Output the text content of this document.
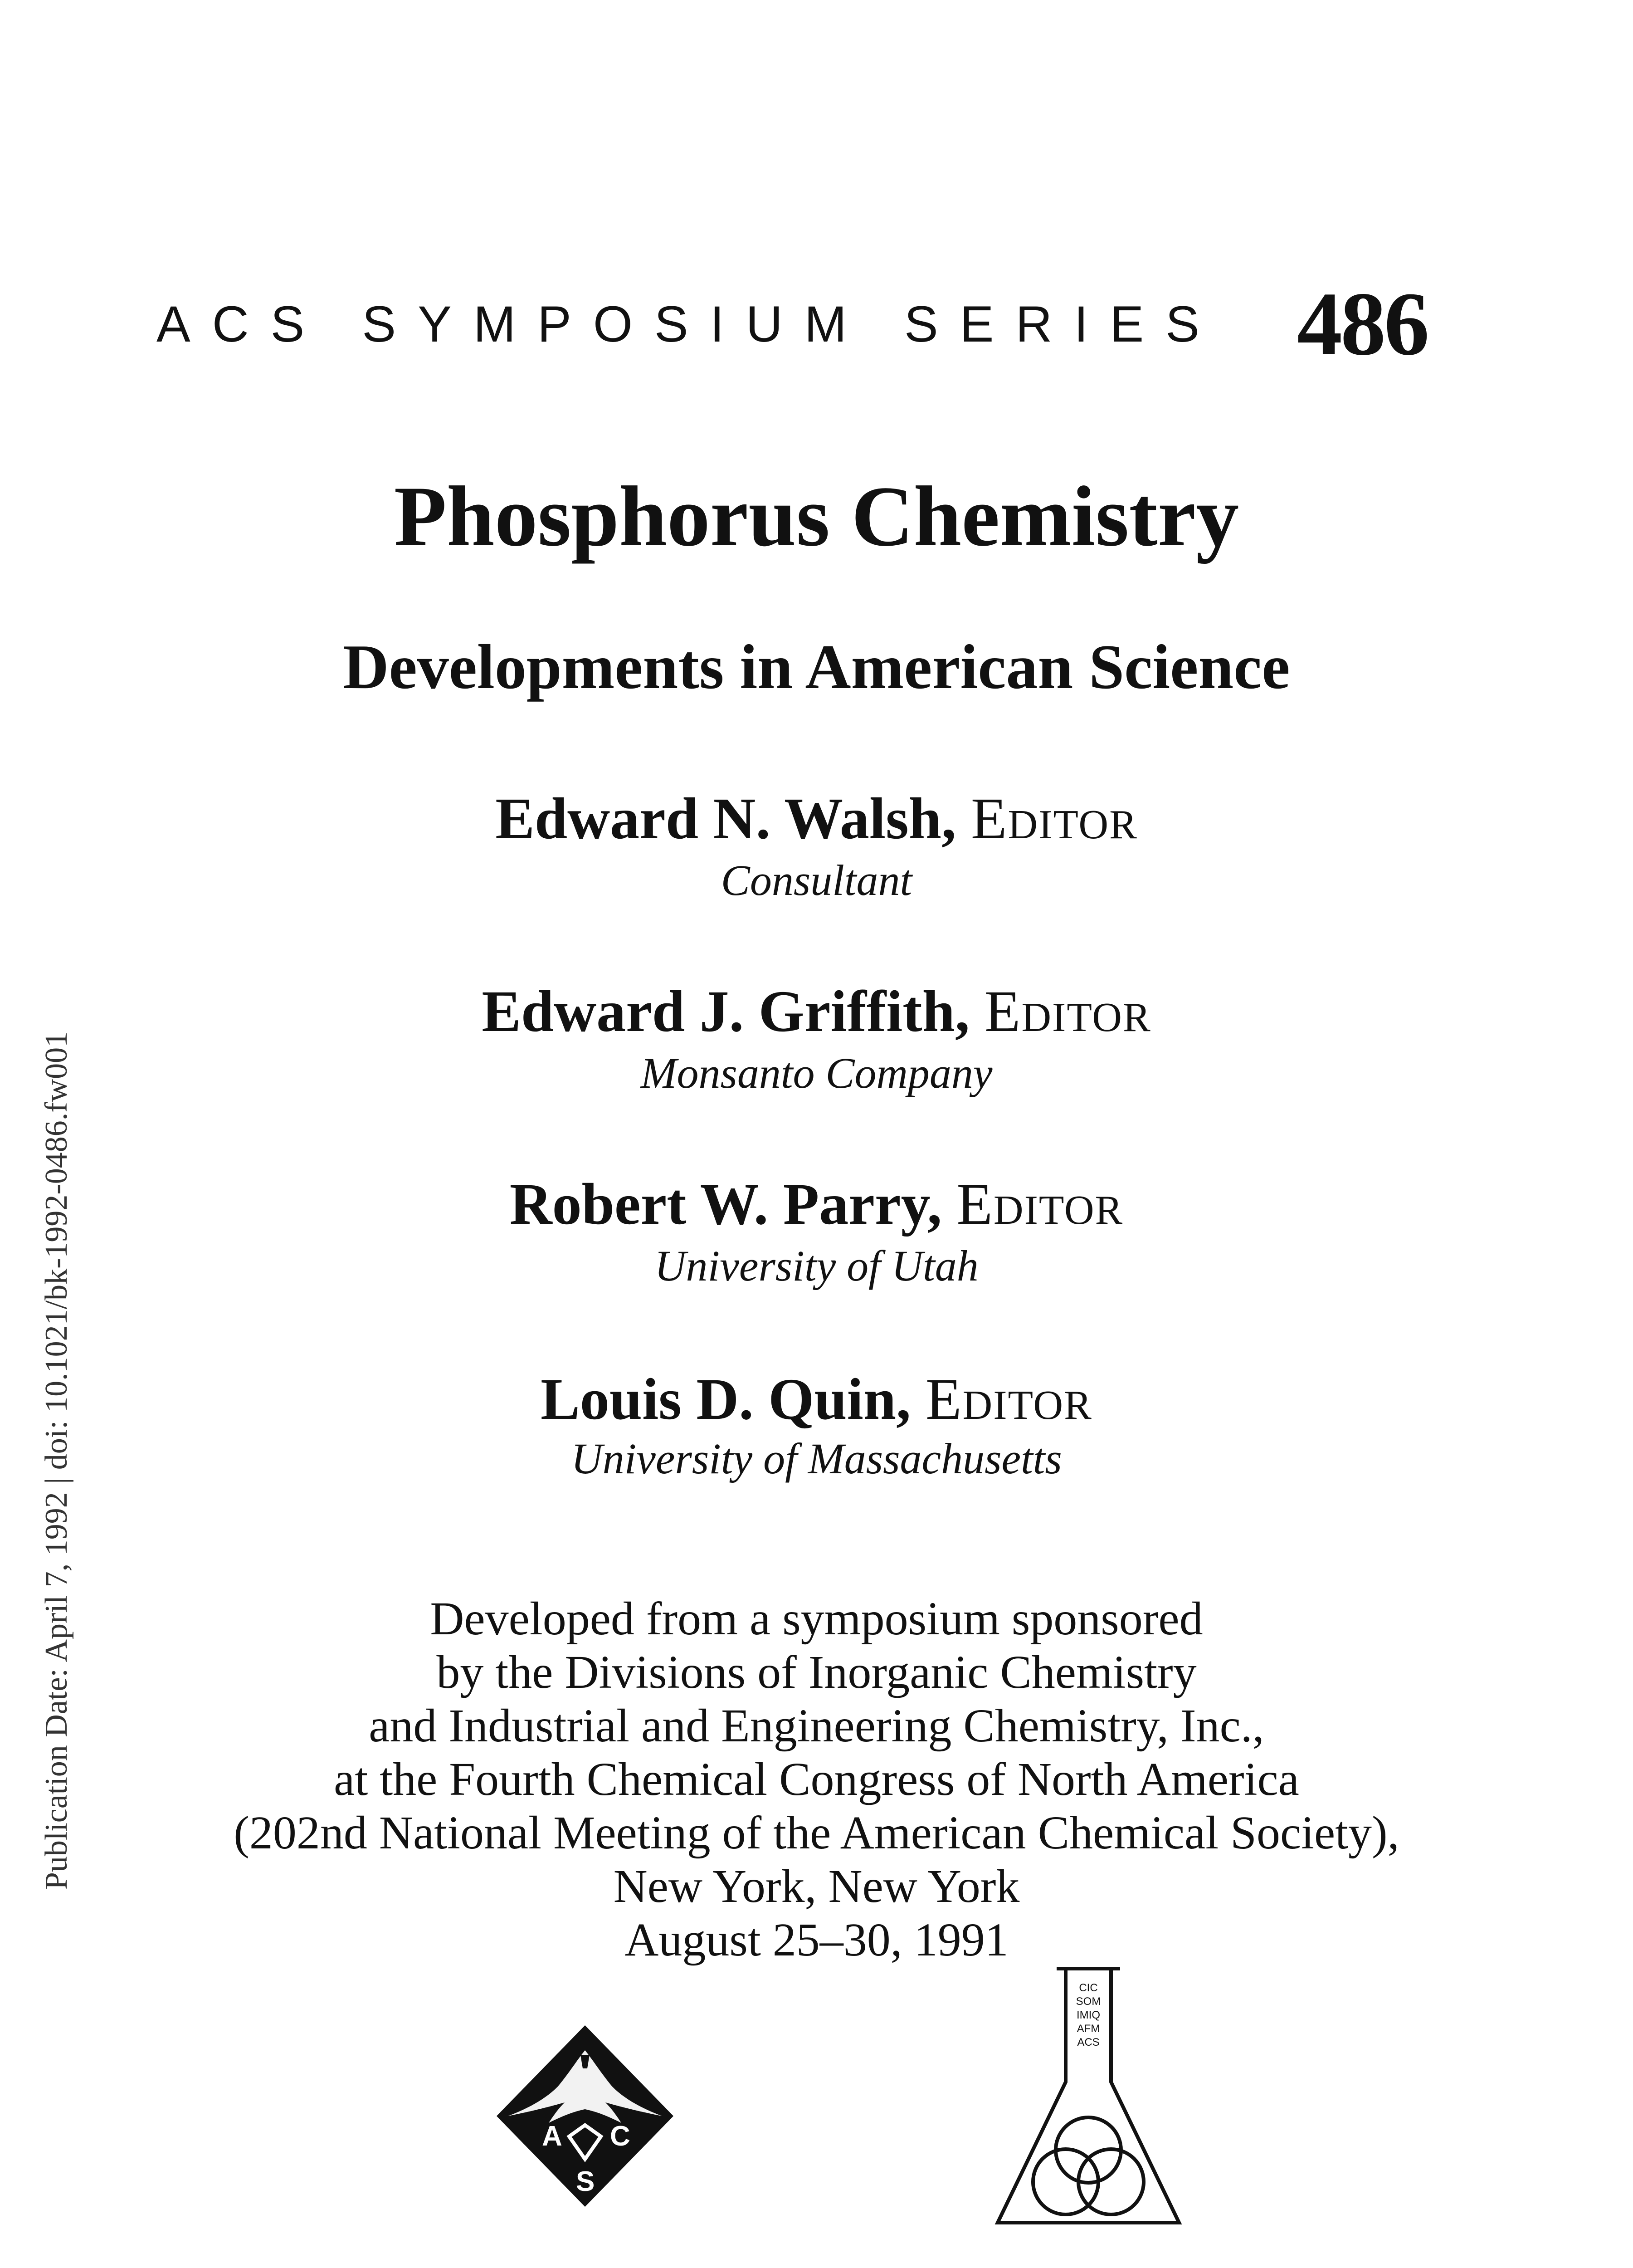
ACS SYMPOSIUM SERIES 486
Phosphorus Chemistry
Developments in American Science
Edward N. Walsh, Editor
Consultant
Edward J. Griffith, Editor
Monsanto Company
Robert W. Parry, Editor
University of Utah
Louis D. Quin, Editor
University of Massachusetts
Publication Date: April 7, 1992 | doi: 10.1021/bk-1992-0486.fw001	Developed from a symposium sponsored
by the Divisions of Inorganic Chemistry
and Industrial and Engineering Chemistry, Inc.,
at the Fourth Chemical Congress of North America
(202nd National Meeting of the American Chemical Society),
New York, New York
August 25–30, 1991
A C
S
CIC
SOM
IMIQ
AFM
ACS
